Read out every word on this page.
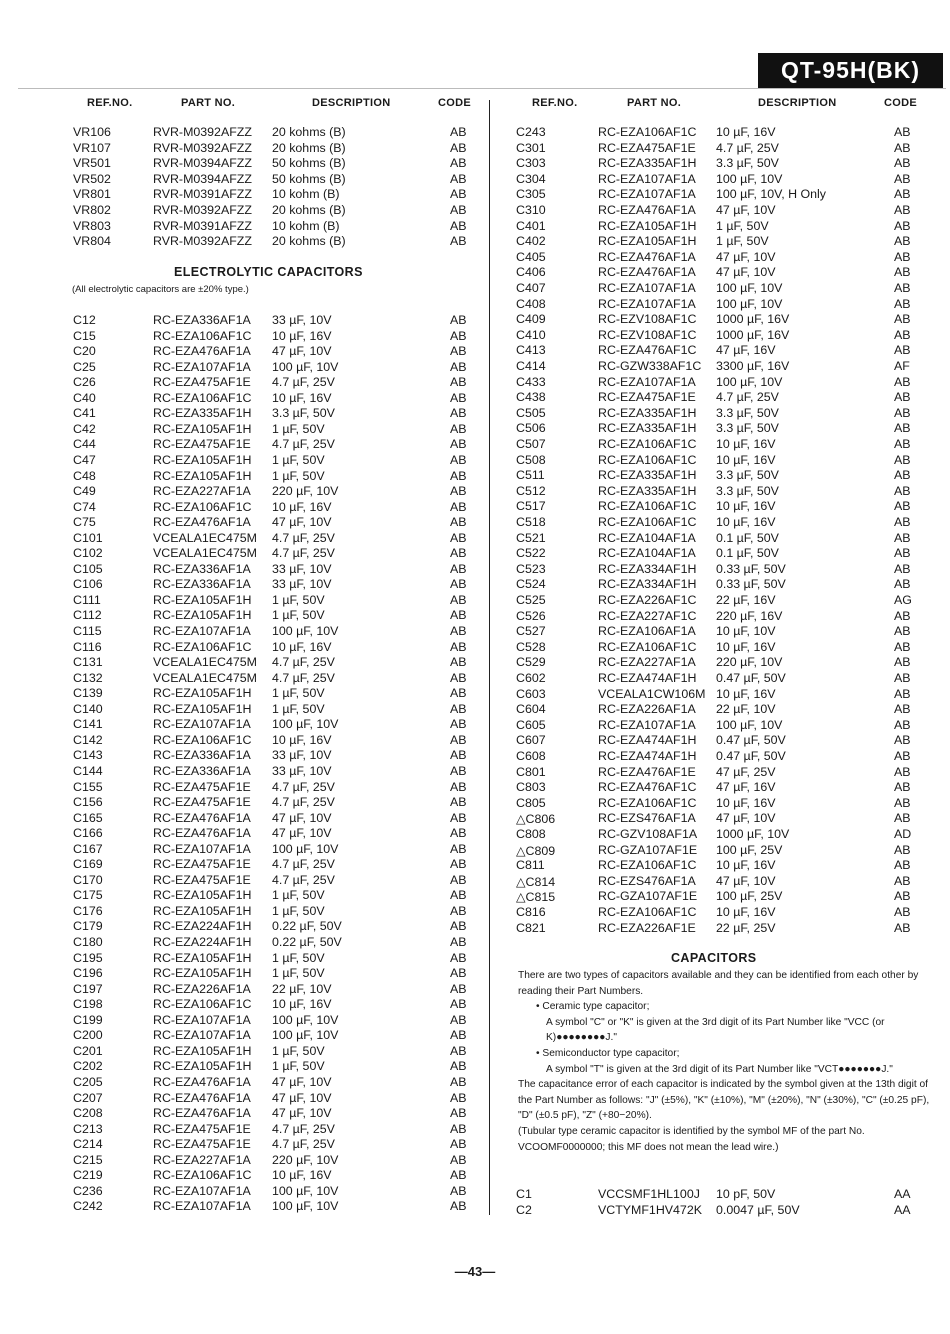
QT-95H(BK)
REF.NO.	PART NO.	DESCRIPTION	CODE	REF.NO.	PART NO.	DESCRIPTION	CODE
VR106	RVR-M0392AFZZ 20 kohms (B)	AB
VR107	RVR-M0392AFZZ 20 kohms (B)	AB
VR501	RVR-M0394AFZZ 50 kohms (B)	AB
VR502	RVR-M0394AFZZ 50 kohms (B)	AB
VR801	RVR-M0391AFZZ 10 kohm (B)	AB
VR802	RVR-M0392AFZZ 20 kohms (B)	AB
VR803	RVR-M0391AFZZ 10 kohm (B)	AB
VR804	RVR-M0392AFZZ 20 kohms (B)	AB
ELECTROLYTIC CAPACITORS
(All electrolytic capacitors are ±20% type.)
C12	RC-EZA336AF1A 33 µF, 10V	AB
C15	RC-EZA106AF1C 10 µF, 16V	AB
C20	RC-EZA476AF1A 47 µF, 10V	AB
C25	RC-EZA107AF1A 100 µF, 10V	AB
C26	RC-EZA475AF1E 4.7 µF, 25V	AB
C40	RC-EZA106AF1C 10 µF, 16V	AB
C41	RC-EZA335AF1H 3.3 µF, 50V	AB
C42	RC-EZA105AF1H 1 µF, 50V	AB
C44	RC-EZA475AF1E 4.7 µF, 25V	AB
C47	RC-EZA105AF1H 1 µF, 50V	AB
C48	RC-EZA105AF1H 1 µF, 50V	AB
C49	RC-EZA227AF1A 220 µF, 10V	AB
C74	RC-EZA106AF1C 10 µF, 16V	AB
C75	RC-EZA476AF1A 47 µF, 10V	AB
C101	VCEALA1EC475M 4.7 µF, 25V	AB
C102	VCEALA1EC475M 4.7 µF, 25V	AB
C105	RC-EZA336AF1A 33 µF, 10V	AB
C106	RC-EZA336AF1A 33 µF, 10V	AB
C111	RC-EZA105AF1H 1 µF, 50V	AB
C112	RC-EZA105AF1H 1 µF, 50V	AB
C115	RC-EZA107AF1A 100 µF, 10V	AB
C116	RC-EZA106AF1C 10 µF, 16V	AB
C131	VCEALA1EC475M 4.7 µF, 25V	AB
C132	VCEALA1EC475M 4.7 µF, 25V	AB
C139	RC-EZA105AF1H 1 µF, 50V	AB
C140	RC-EZA105AF1H 1 µF, 50V	AB
C141	RC-EZA107AF1A 100 µF, 10V	AB
C142	RC-EZA106AF1C 10 µF, 16V	AB
C143	RC-EZA336AF1A 33 µF, 10V	AB
C144	RC-EZA336AF1A 33 µF, 10V	AB
C155	RC-EZA475AF1E 4.7 µF, 25V	AB
C156	RC-EZA475AF1E 4.7 µF, 25V	AB
C165	RC-EZA476AF1A 47 µF, 10V	AB
C166	RC-EZA476AF1A 47 µF, 10V	AB
C167	RC-EZA107AF1A 100 µF, 10V	AB
C169	RC-EZA475AF1E 4.7 µF, 25V	AB
C170	RC-EZA475AF1E 4.7 µF, 25V	AB
C175	RC-EZA105AF1H 1 µF, 50V	AB
C176	RC-EZA105AF1H 1 µF, 50V	AB
C179	RC-EZA224AF1H 0.22 µF, 50V	AB
C180	RC-EZA224AF1H 0.22 µF, 50V	AB
C195	RC-EZA105AF1H 1 µF, 50V	AB
C196	RC-EZA105AF1H 1 µF, 50V	AB
C197	RC-EZA226AF1A 22 µF, 10V	AB
C198	RC-EZA106AF1C 10 µF, 16V	AB
C199	RC-EZA107AF1A 100 µF, 10V	AB
C200	RC-EZA107AF1A 100 µF, 10V	AB
C201	RC-EZA105AF1H 1 µF, 50V	AB
C202	RC-EZA105AF1H 1 µF, 50V	AB
C205	RC-EZA476AF1A 47 µF, 10V	AB
C207	RC-EZA476AF1A 47 µF, 10V	AB
C208	RC-EZA476AF1A 47 µF, 10V	AB
C213	RC-EZA475AF1E 4.7 µF, 25V	AB
C214	RC-EZA475AF1E 4.7 µF, 25V	AB
C215	RC-EZA227AF1A 220 µF, 10V	AB
C219	RC-EZA106AF1C 10 µF, 16V	AB
C236	RC-EZA107AF1A 100 µF, 10V	AB
C242	RC-EZA107AF1A 100 µF, 10V	AB
C243	RC-EZA106AF1C 10 µF, 16V	AB
C301	RC-EZA475AF1E 4.7 µF, 25V	AB
C303	RC-EZA335AF1H 3.3 µF, 50V	AB
C304	RC-EZA107AF1A 100 µF, 10V	AB
C305	RC-EZA107AF1A 100 µF, 10V, H Only	AB
C310	RC-EZA476AF1A 47 µF, 10V	AB
C401	RC-EZA105AF1H 1 µF, 50V	AB
C402	RC-EZA105AF1H 1 µF, 50V	AB
C405	RC-EZA476AF1A 47 µF, 10V	AB
C406	RC-EZA476AF1A 47 µF, 10V	AB
C407	RC-EZA107AF1A 100 µF, 10V	AB
C408	RC-EZA107AF1A 100 µF, 10V	AB
C409	RC-EZV108AF1C 1000 µF, 16V	AB
C410	RC-EZV108AF1C 1000 µF, 16V	AB
C413	RC-EZA476AF1C 47 µF, 16V	AB
C414	RC-GZW338AF1C 3300 µF, 16V	AF
C433	RC-EZA107AF1A 100 µF, 10V	AB
C438	RC-EZA475AF1E 4.7 µF, 25V	AB
C505	RC-EZA335AF1H 3.3 µF, 50V	AB
C506	RC-EZA335AF1H 3.3 µF, 50V	AB
C507	RC-EZA106AF1C 10 µF, 16V	AB
C508	RC-EZA106AF1C 10 µF, 16V	AB
C511	RC-EZA335AF1H 3.3 µF, 50V	AB
C512	RC-EZA335AF1H 3.3 µF, 50V	AB
C517	RC-EZA106AF1C 10 µF, 16V	AB
C518	RC-EZA106AF1C 10 µF, 16V	AB
C521	RC-EZA104AF1A 0.1 µF, 50V	AB
C522	RC-EZA104AF1A 0.1 µF, 50V	AB
C523	RC-EZA334AF1H 0.33 µF, 50V	AB
C524	RC-EZA334AF1H 0.33 µF, 50V	AB
C525	RC-EZA226AF1C 22 µF, 16V	AG
C526	RC-EZA227AF1C 220 µF, 16V	AB
C527	RC-EZA106AF1A 10 µF, 10V	AB
C528	RC-EZA106AF1C 10 µF, 16V	AB
C529	RC-EZA227AF1A 220 µF, 10V	AB
C602	RC-EZA474AF1H 0.47 µF, 50V	AB
C603	VCEALA1CW106M 10 µF, 16V	AB
C604	RC-EZA226AF1A 22 µF, 10V	AB
C605	RC-EZA107AF1A 100 µF, 10V	AB
C607	RC-EZA474AF1H 0.47 µF, 50V	AB
C608	RC-EZA474AF1H 0.47 µF, 50V	AB
C801	RC-EZA476AF1E 47 µF, 25V	AB
C803	RC-EZA476AF1C 47 µF, 16V	AB
C805	RC-EZA106AF1C 10 µF, 16V	AB
△C806	RC-EZS476AF1A 47 µF, 10V	AB
C808	RC-GZV108AF1A 1000 µF, 10V	AD
△C809	RC-GZA107AF1E 100 µF, 25V	AB
C811	RC-EZA106AF1C 10 µF, 16V	AB
△C814	RC-EZS476AF1A 47 µF, 10V	AB
△C815	RC-GZA107AF1E 100 µF, 25V	AB
C816	RC-EZA106AF1C 10 µF, 16V	AB
C821	RC-EZA226AF1E 22 µF, 25V	AB
CAPACITORS

There are two types of capacitors available and they can be identified from each other by reading their Part Numbers.

• Ceramic type capacitor;

A symbol "C" or "K" is given at the 3rd digit of its Part Number like "VCC (or K)●●●●●●●●J."

• Semiconductor type capacitor;

A symbol "T" is given at the 3rd digit of its Part Number like "VCT●●●●●●●J."

The capacitance error of each capacitor is indicated by the symbol given at the 13th digit of the Part Number as follows: "J" (±5%), "K" (±10%), "M" (±20%), "N" (±30%), "C" (±0.25 pF), "D" (±0.5 pF), "Z" (+80−20%).

(Tubular type ceramic capacitor is identified by the symbol MF of the part No. VCOOMF0000000; this MF does not mean the lead wire.)

C1	VCCSMF1HL100J 10 pF, 50V	AA
C2	VCTYMF1HV472K 0.0047 µF, 50V	AA
—43—
